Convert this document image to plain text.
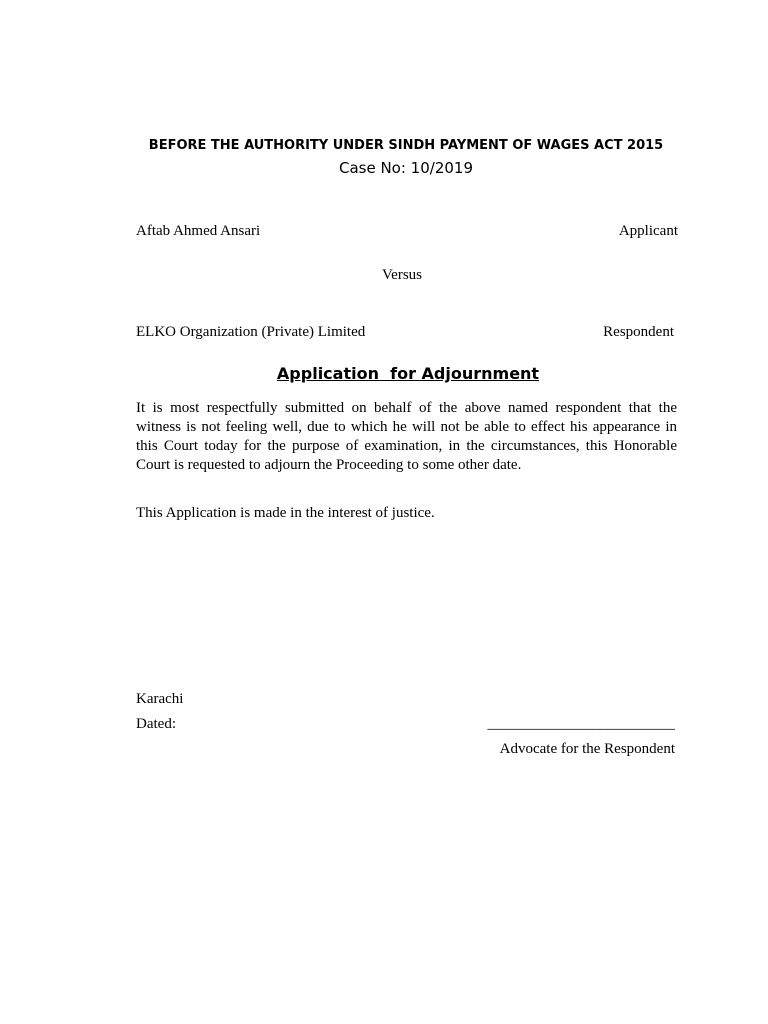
BEFORE THE AUTHORITY UNDER SINDH PAYMENT OF WAGES ACT 2015
Case No: 10/2019
Aftab Ahmed Ansari	Applicant
Versus
ELKO Organization (Private) Limited	Respondent
Application  for Adjournment

It is most respectfully submitted on behalf of the above named respondent that the witness is not feeling well, due to which he will not be able to effect his appearance in this Court today for the purpose of examination, in the circumstances, this Honorable Court is requested to adjourn the Proceeding to some other date.

This Application is made in the interest of justice.

Karachi
Dated:	_________________________
Advocate for the Respondent
